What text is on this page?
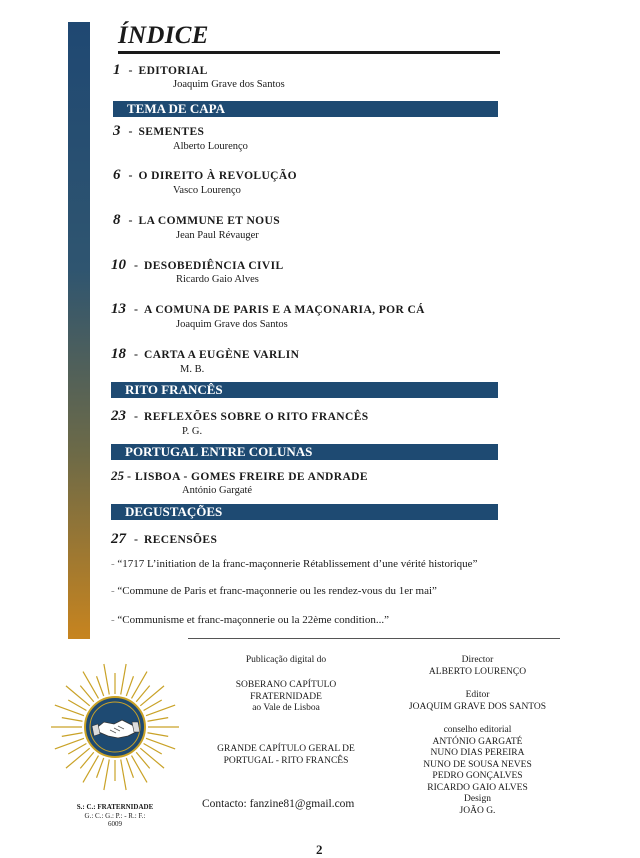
ÍNDICE
1 - EDITORIAL
Joaquim Grave dos Santos
TEMA DE CAPA
3 - SEMENTES
Alberto Lourenço
6 - O DIREITO À REVOLUÇÃO
Vasco Lourenço
8 - LA COMMUNE ET NOUS
Jean Paul Révauger
10 - DESOBEDIÊNCIA CIVIL
Ricardo Gaio Alves
13 - A COMUNA DE PARIS E A MAÇONARIA, POR CÁ
Joaquim Grave dos Santos
18 - CARTA A EUGÈNE VARLIN
M. B.
RITO FRANCÊS
23 - REFLEXÕES SOBRE O RITO FRANCÊS
P. G.
PORTUGAL ENTRE COLUNAS
25 - LISBOA - GOMES FREIRE DE ANDRADE
António Gargaté
DEGUSTAÇÕES
27 - RECENSÕES
- “1717 L’initiation de la franc-maçonnerie Rétablissement d’une vérité historique”
- “Commune de Paris et franc-maçonnerie ou les rendez-vous du 1er mai”
- “Communisme et franc-maçonnerie ou la 22ème condition...”
S.: C.: FRATERNIDADE
G.: C.: G.: P.: - R.: F.:
6009
Publicação digital do
SOBERANO CAPÍTULO
FRATERNIDADE
ao Vale de Lisboa
GRANDE CAPÍTULO GERAL DE
PORTUGAL - RITO FRANCÊS
Contacto: fanzine81@gmail.com
Director
ALBERTO LOURENÇO
Editor
JOAQUIM GRAVE DOS SANTOS
conselho editorial
ANTÓNIO GARGATÉ
NUNO DIAS PEREIRA
NUNO DE SOUSA NEVES
PEDRO GONÇALVES
RICARDO GAIO ALVES
Design
JOÃO G.
2
